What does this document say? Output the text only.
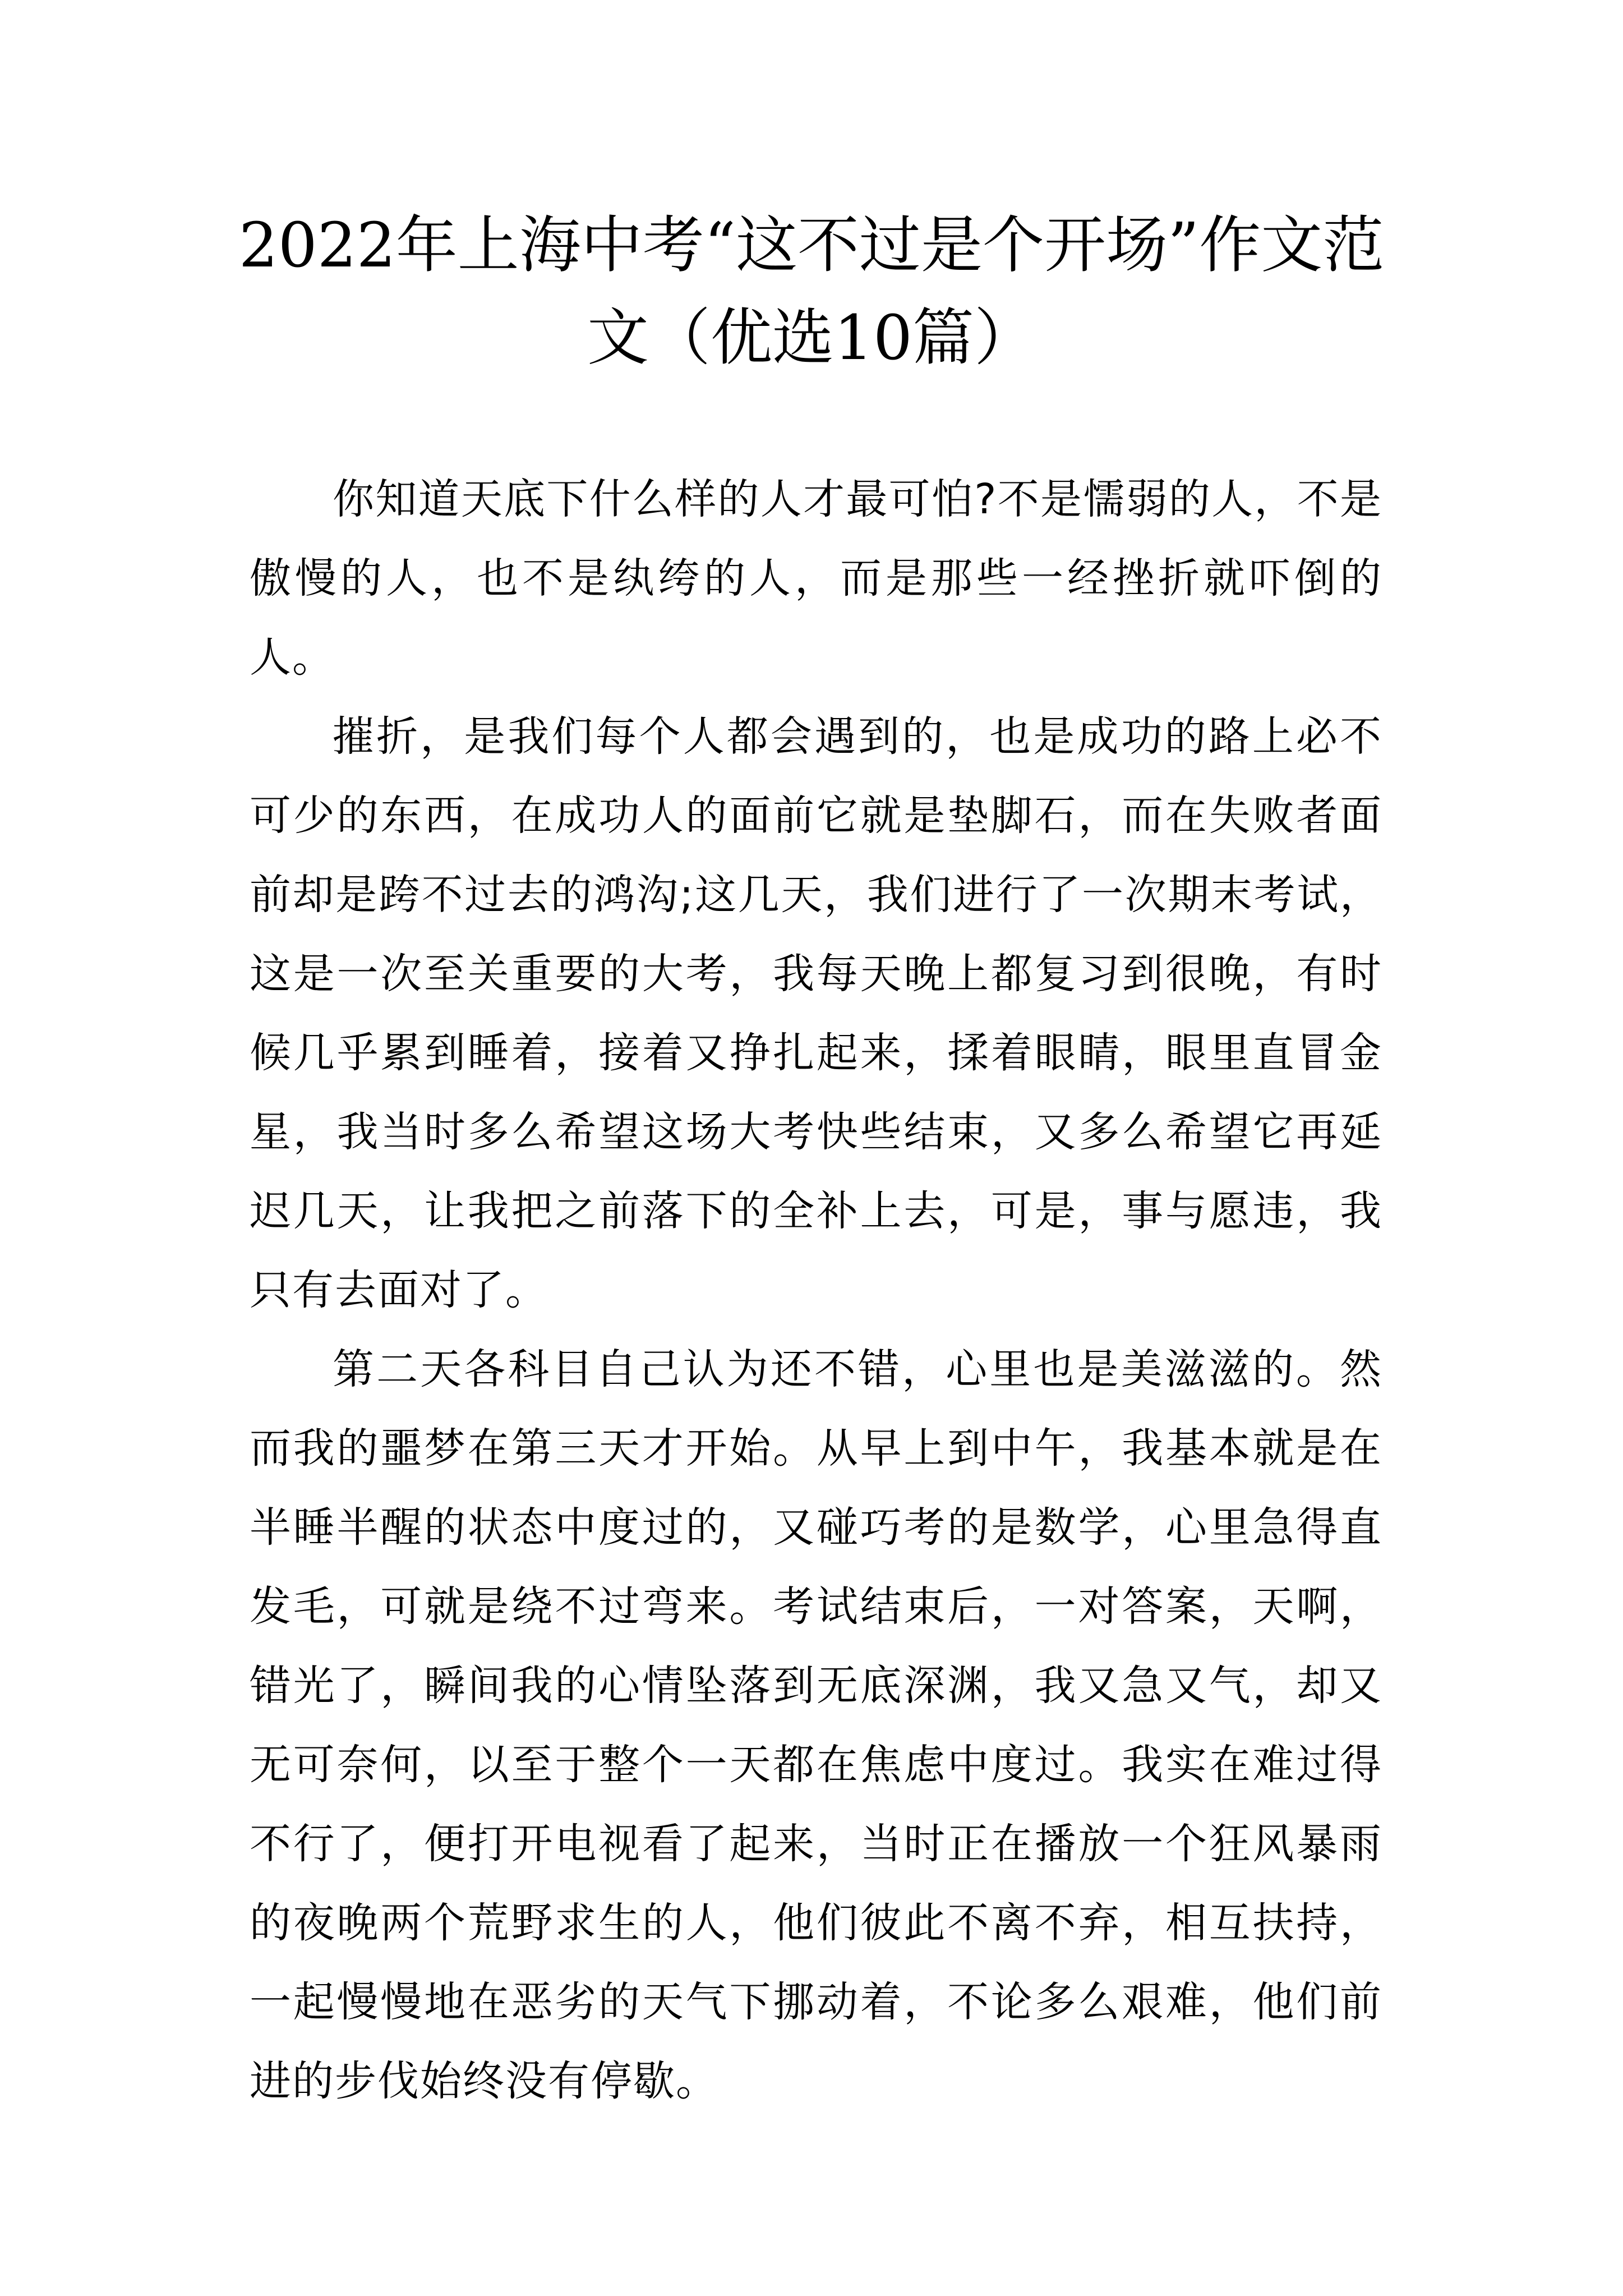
2022年上海中考“这不过是个开场”作文范
文（优选10篇）

你知道天底下什么样的人才最可怕?不是懦弱的人，不是傲慢的人，也不是纨绔的人，而是那些一经挫折就吓倒的人。

摧折，是我们每个人都会遇到的，也是成功的路上必不可少的东西，在成功人的面前它就是垫脚石，而在失败者面前却是跨不过去的鸿沟;这几天，我们进行了一次期末考试，这是一次至关重要的大考，我每天晚上都复习到很晚，有时候几乎累到睡着，接着又挣扎起来，揉着眼睛，眼里直冒金星，我当时多么希望这场大考快些结束，又多么希望它再延迟几天，让我把之前落下的全补上去，可是，事与愿违，我只有去面对了。

第二天各科目自己认为还不错，心里也是美滋滋的。然而我的噩梦在第三天才开始。从早上到中午，我基本就是在半睡半醒的状态中度过的，又碰巧考的是数学，心里急得直发毛，可就是绕不过弯来。考试结束后，一对答案，天啊，错光了，瞬间我的心情坠落到无底深渊，我又急又气，却又无可奈何，以至于整个一天都在焦虑中度过。我实在难过得不行了，便打开电视看了起来，当时正在播放一个狂风暴雨的夜晚两个荒野求生的人，他们彼此不离不弃，相互扶持，一起慢慢地在恶劣的天气下挪动着，不论多么艰难，他们前进的步伐始终没有停歇。
